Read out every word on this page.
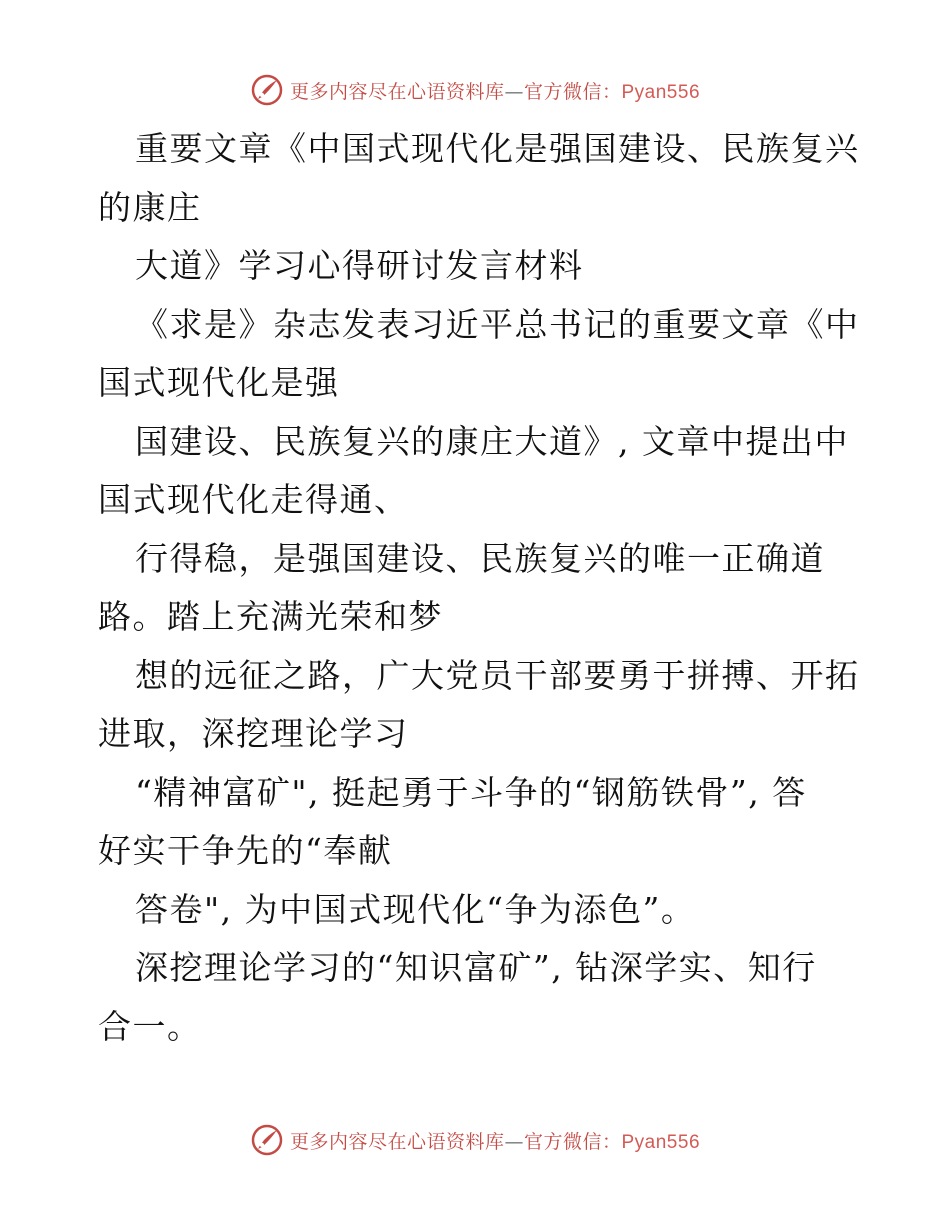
更多内容尽在心语资料库—官方微信：Pyan556

重要文章《中国式现代化是强国建设、民族复兴

的康庄

大道》学习心得研讨发言材料

《求是》杂志发表习近平总书记的重要文章《中

国式现代化是强

国建设、民族复兴的康庄大道》, 文章中提出中

国式现代化走得通、

行得稳，是强国建设、民族复兴的唯一正确道

路。踏上充满光荣和梦

想的远征之路，广大党员干部要勇于拼搏、开拓

进取，深挖理论学习

“精神富矿", 挺起勇于斗争的“钢筋铁骨”, 答

好实干争先的“奉献

答卷", 为中国式现代化“争为添色”。

深挖理论学习的“知识富矿”, 钻深学实、知行

合一。

更多内容尽在心语资料库—官方微信：Pyan556
